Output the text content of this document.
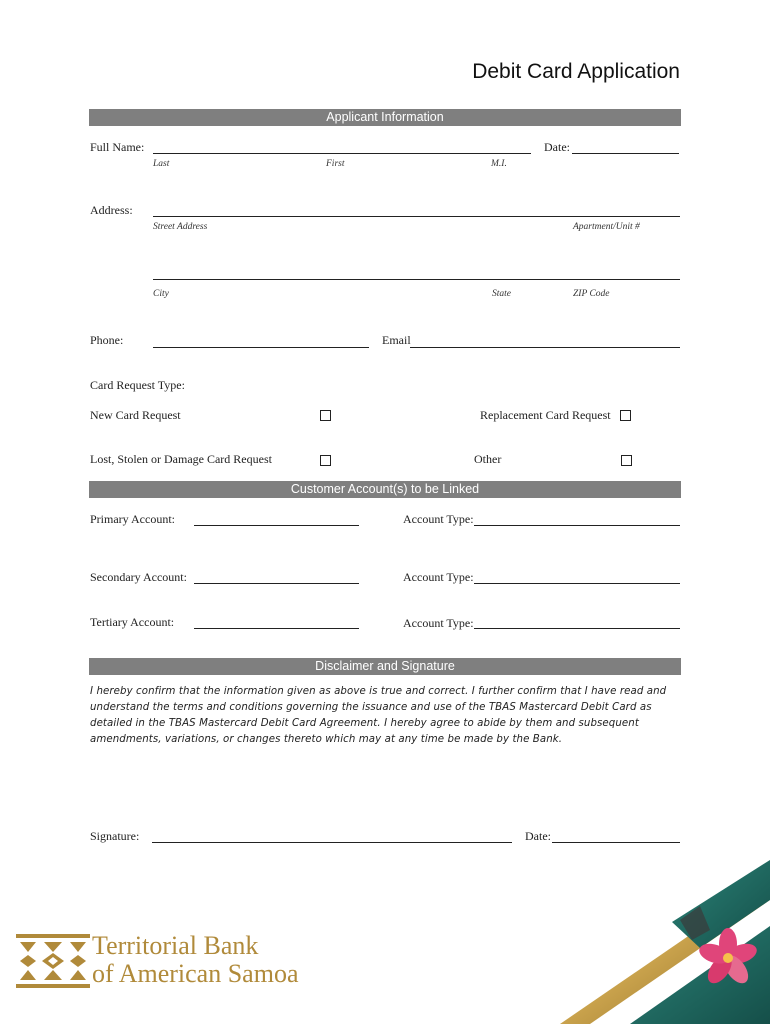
Debit Card Application
Applicant Information
Full Name:	Date:
Last	First	M.I.
Address:
Street Address	Apartment/Unit #
City	State	ZIP Code
Phone:	Email
Card Request Type:
New Card Request	Replacement Card Request
Lost, Stolen or Damage Card Request	Other
Customer Account(s) to be Linked
Primary Account:	Account Type:
Secondary Account:	Account Type:
Tertiary Account:	Account Type:
Disclaimer and Signature
I hereby confirm that the information given as above is true and correct. I further confirm that I have read and understand the terms and conditions governing the issuance and use of the TBAS Mastercard Debit Card as detailed in the TBAS Mastercard Debit Card Agreement. I hereby agree to abide by them and subsequent amendments, variations, or changes thereto which may at any time be made by the Bank.
Signature:	Date:
Territorial Bank
of American Samoa
